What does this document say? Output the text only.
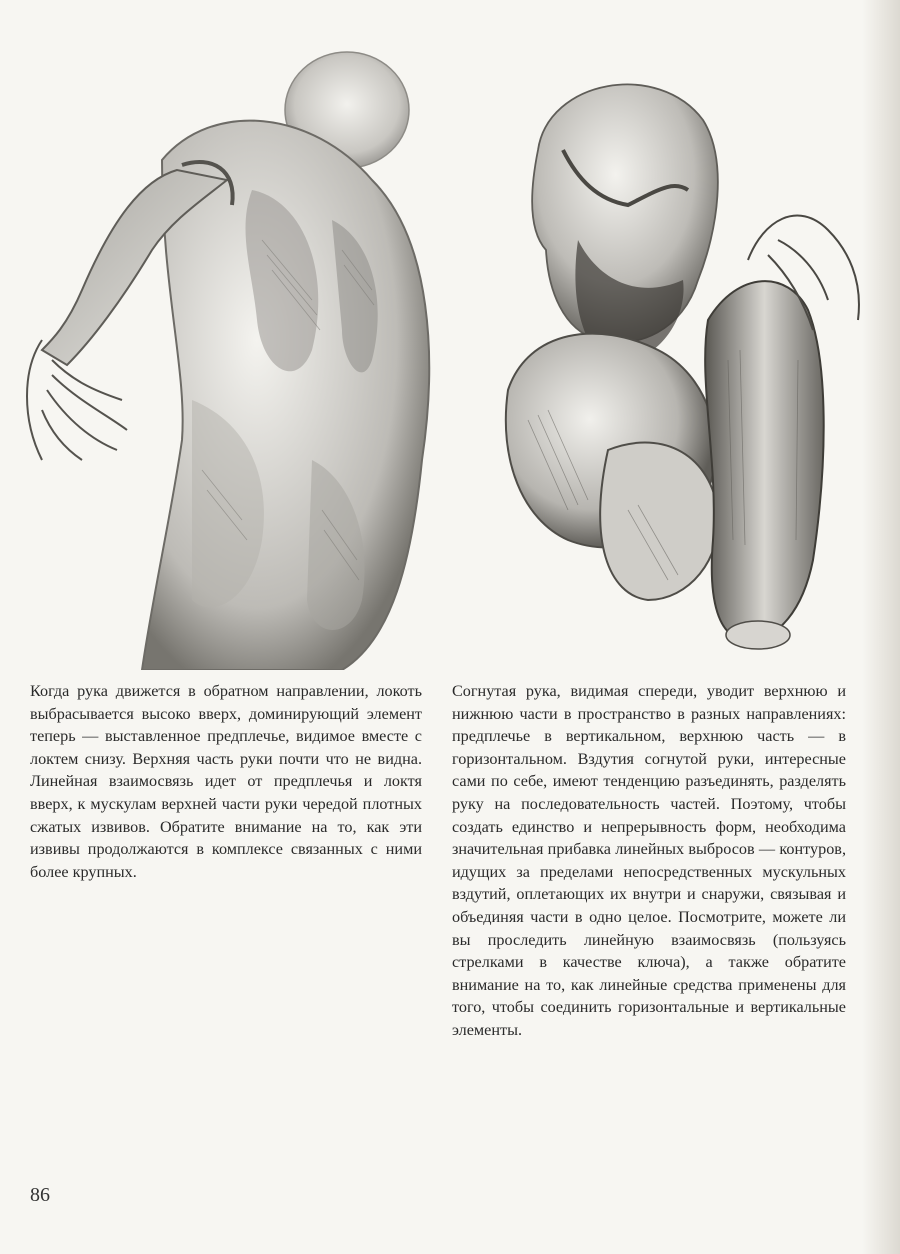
Когда рука движется в обратном направлении, локоть выбрасывается высоко вверх, доминирующий элемент теперь — выставленное предплечье, видимое вместе с локтем снизу. Верхняя часть руки почти что не видна. Линейная взаимосвязь идет от предплечья и локтя вверх, к мускулам верхней части руки чередой плотных сжатых извивов. Обратите внимание на то, как эти извивы продолжаются в комплексе связанных с ними более крупных.
Согнутая рука, видимая спереди, уводит верхнюю и нижнюю части в пространство в разных направлениях: предплечье в вертикальном, верхнюю часть — в горизонтальном. Вздутия согнутой руки, интересные сами по себе, имеют тенденцию разъединять, разделять руку на последовательность частей. Поэтому, чтобы создать единство и непрерывность форм, необходима значительная прибавка линейных выбросов — контуров, идущих за пределами непосредственных мускульных вздутий, оплетающих их внутри и снаружи, связывая и объединяя части в одно целое. Посмотрите, можете ли вы проследить линейную взаимосвязь (пользуясь стрелками в качестве ключа), а также обратите внимание на то, как линейные средства применены для того, чтобы соединить горизонтальные и вертикальные элементы.
86
